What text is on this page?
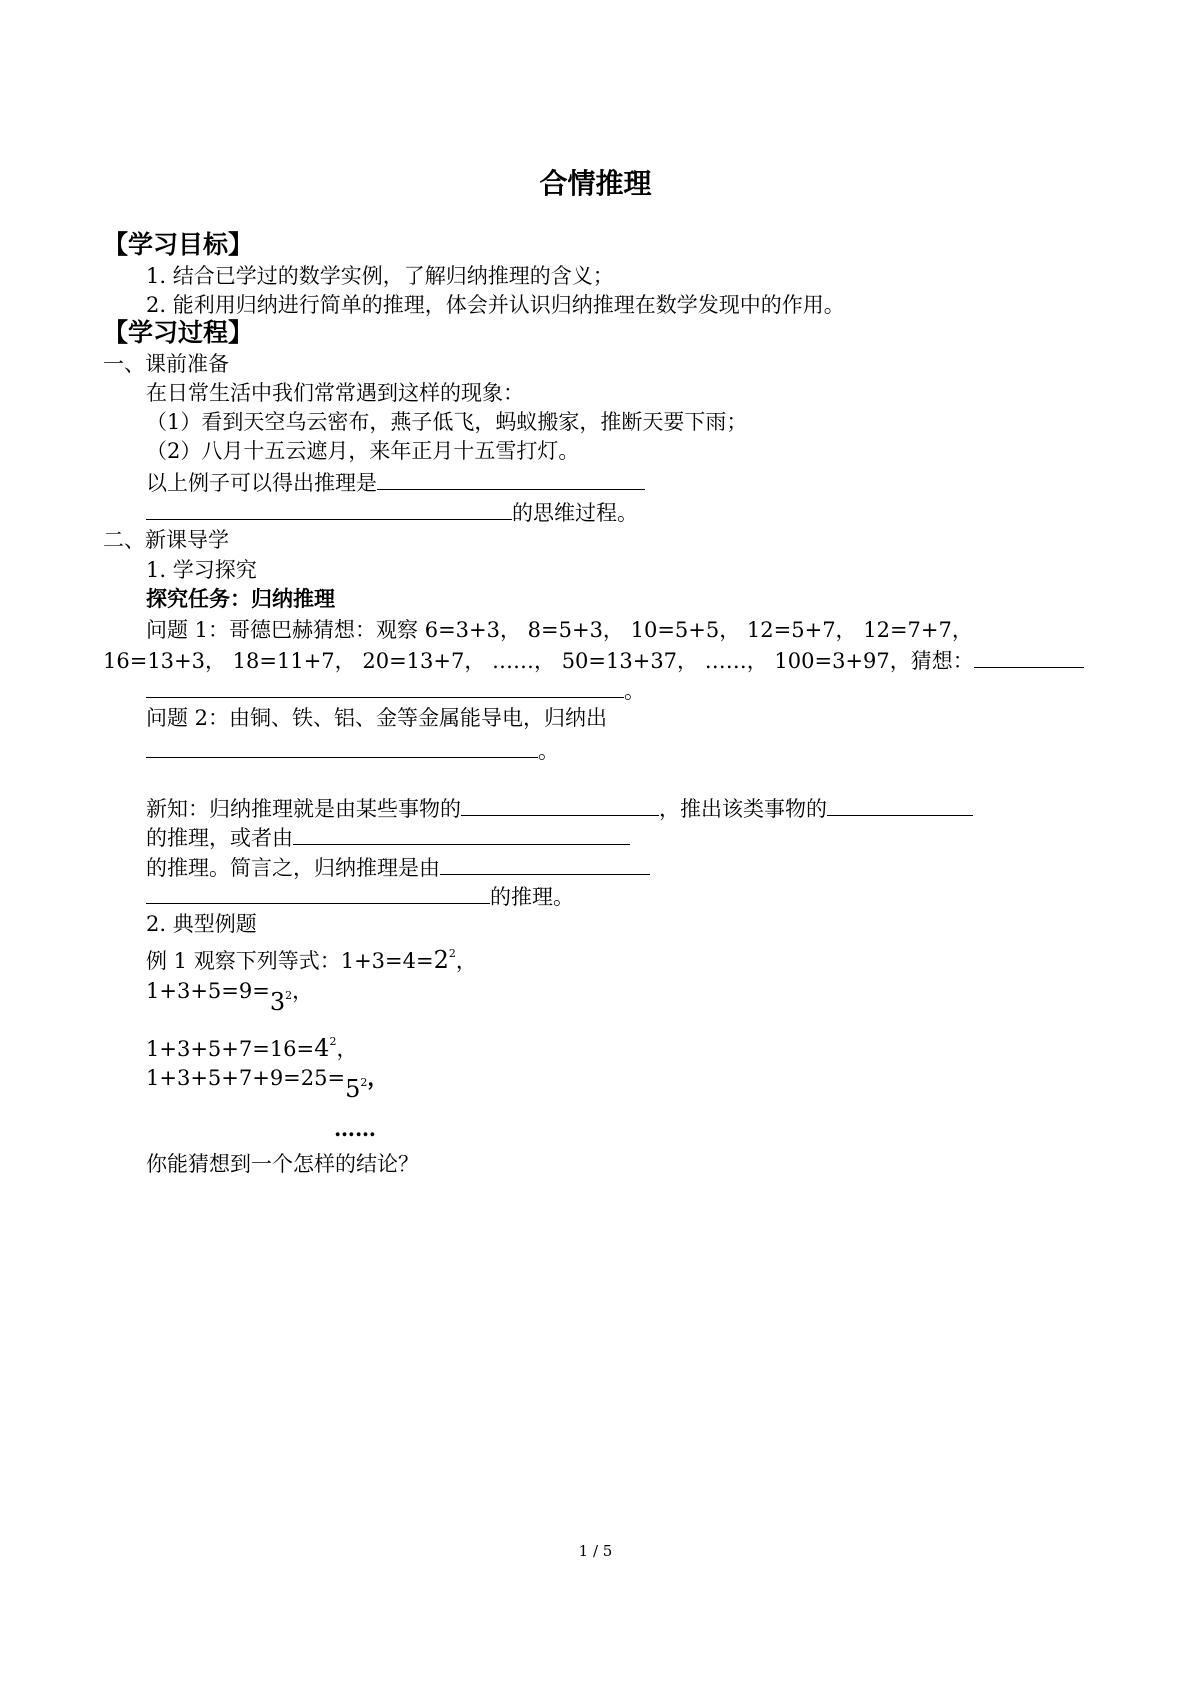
合情推理
【学习目标】
1. 结合已学过的数学实例，了解归纳推理的含义；
2. 能利用归纳进行简单的推理，体会并认识归纳推理在数学发现中的作用。
【学习过程】
一、课前准备
在日常生活中我们常常遇到这样的现象：
（1）看到天空乌云密布，燕子低飞，蚂蚁搬家，推断天要下雨；
（2）八月十五云遮月，来年正月十五雪打灯。
以上例子可以得出推理是
的思维过程。
二、新课导学
1. 学习探究
探究任务：归纳推理
问题 1：哥德巴赫猜想：观察 6=3+3， 8=5+3， 10=5+5， 12=5+7， 12=7+7，
16=13+3， 18=11+7， 20=13+7， ……， 50=13+37， ……， 100=3+97，猜想：
。
问题 2：由铜、铁、铝、金等金属能导电，归纳出
。
新知：归纳推理就是由某些事物的	，推出该类事物的
的推理，或者由
的推理。简言之，归纳推理是由
的推理。
2. 典型例题
例 1 观察下列等式：$1+3=4=2^2$，
$1+3+5=9=3^2$，
$1+3+5+7=16=4^2$，
$1+3+5+7+9=25=5^2$，
……
你能猜想到一个怎样的结论？
1 / 5
